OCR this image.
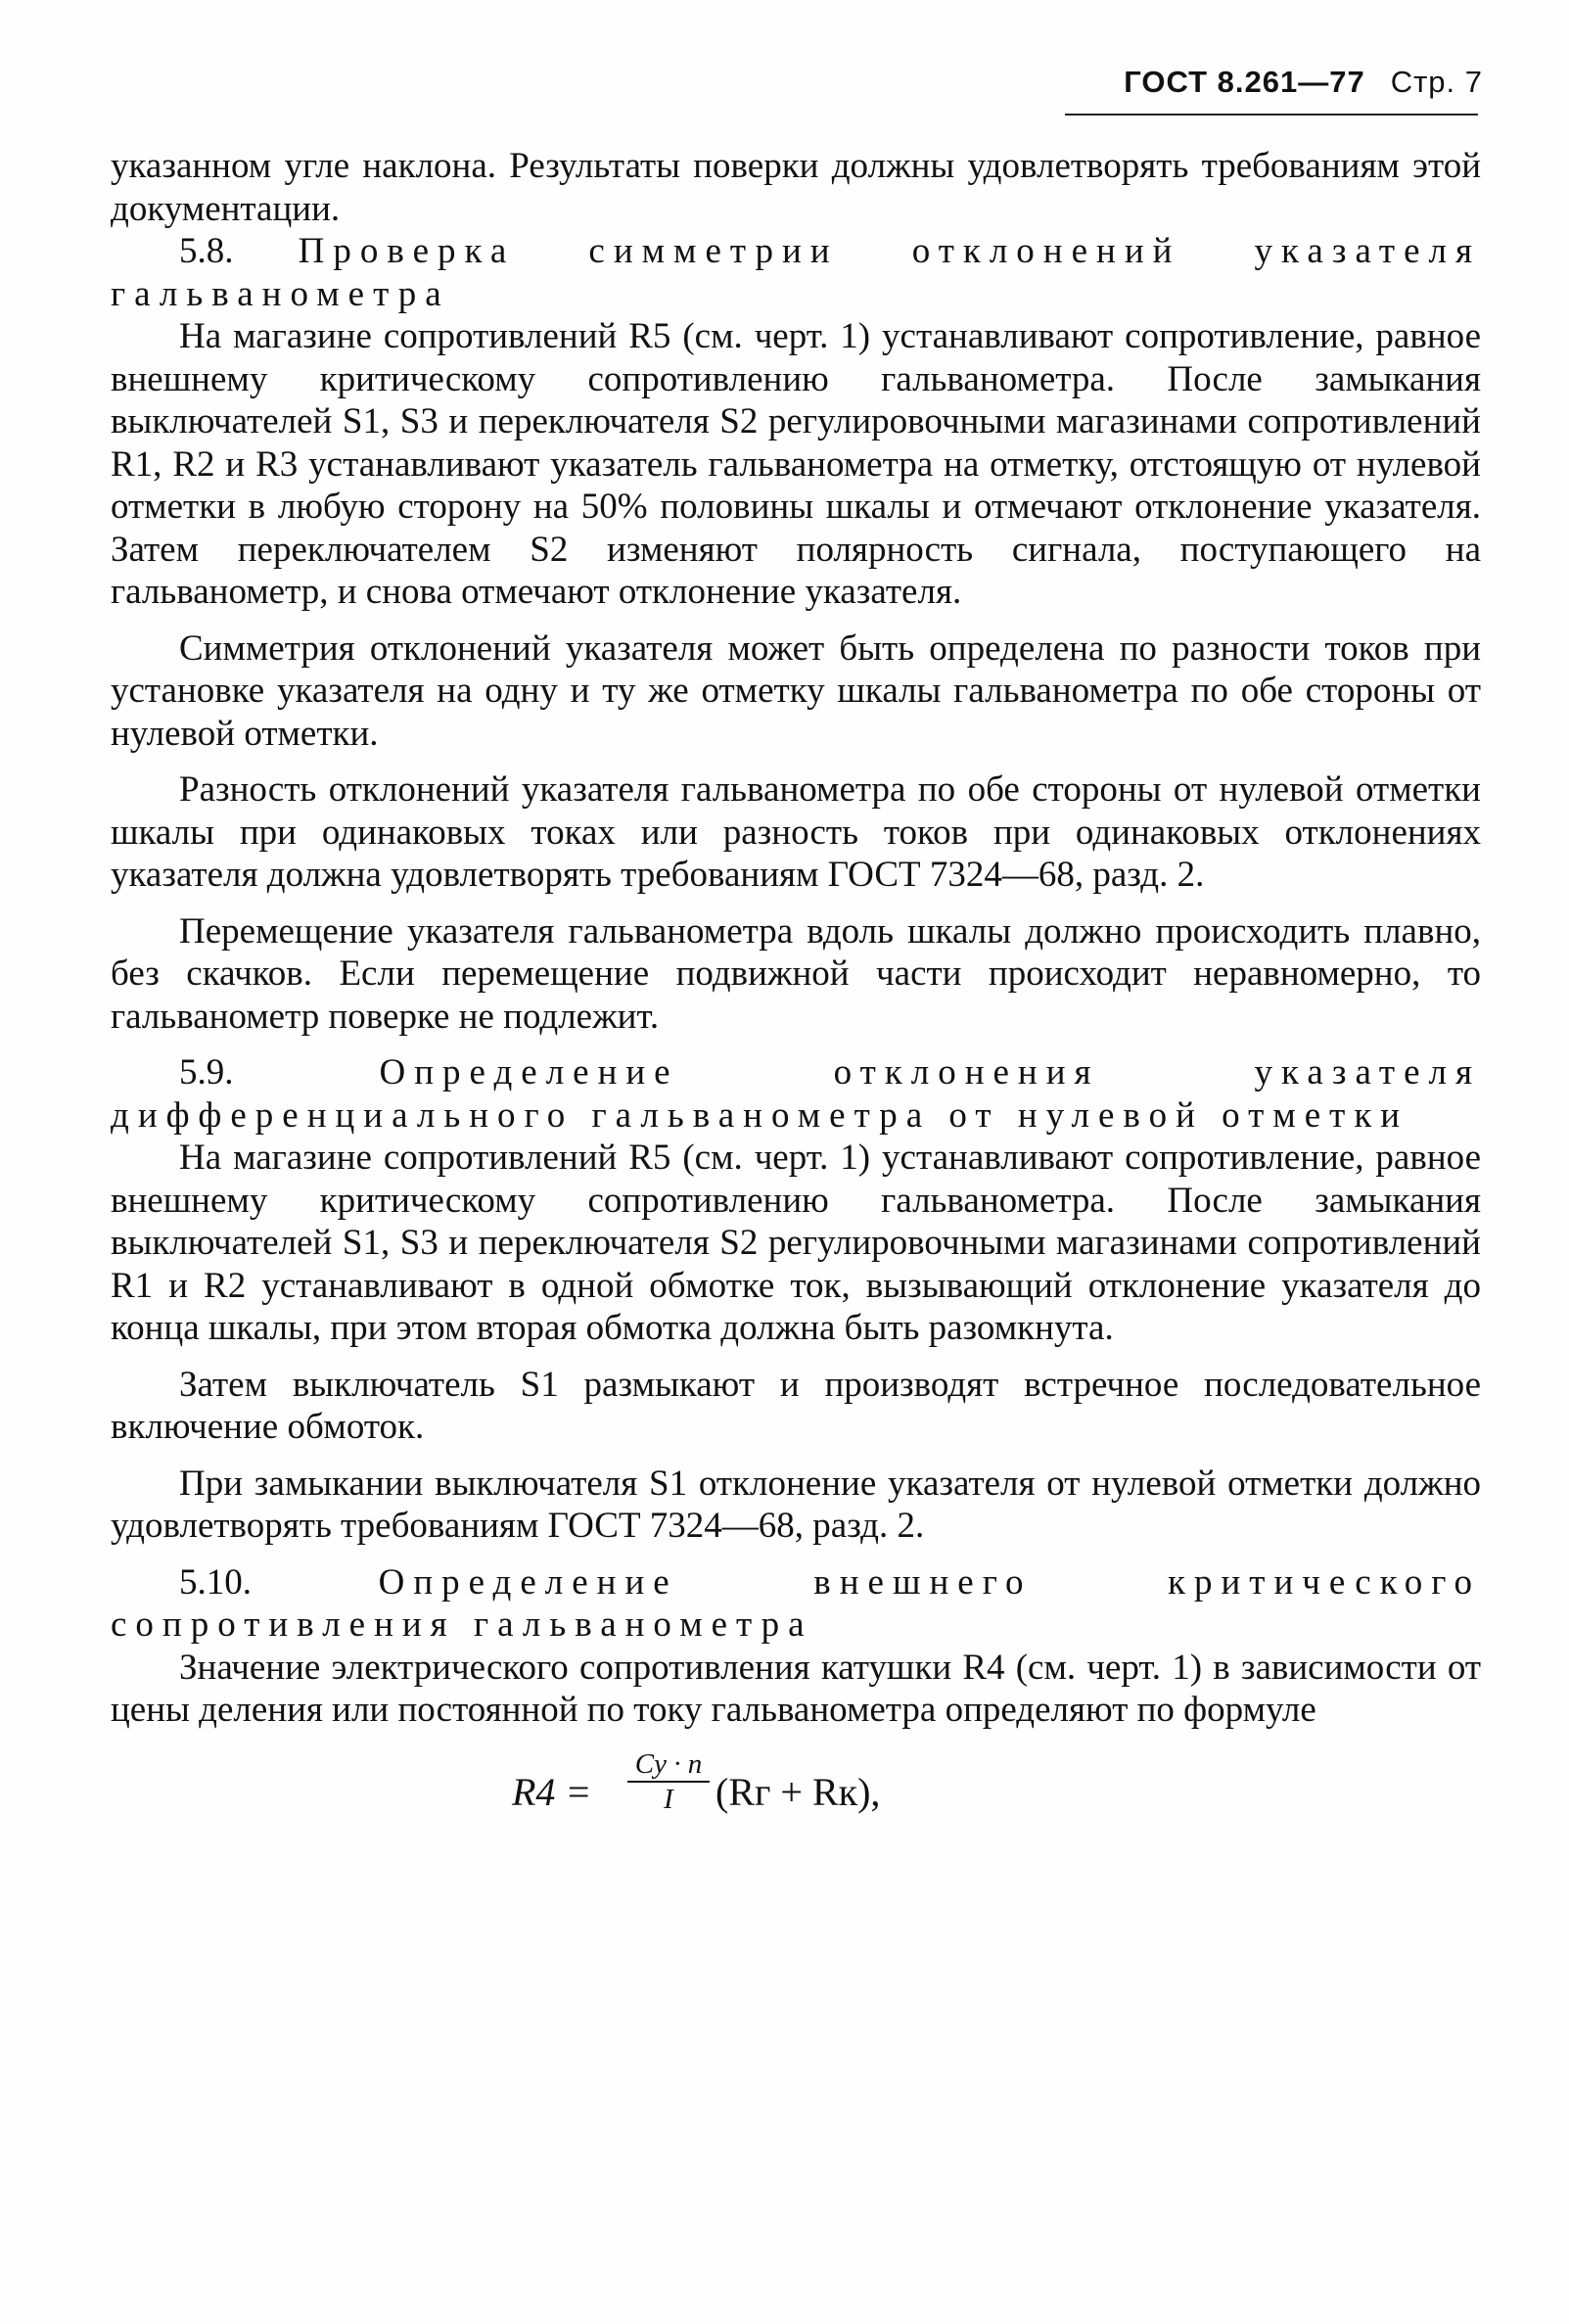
ГОСТ 8.261—77 Стр. 7

указанном угле наклона. Результаты поверки должны удовлетворять требованиям этой документации.

5.8. Проверка симметрии отклонений указателя гальванометра

На магазине сопротивлений R5 (см. черт. 1) устанавливают сопротивление, равное внешнему критическому сопротивлению гальванометра. После замыкания выключателей S1, S3 и переключателя S2 регулировочными магазинами сопротивлений R1, R2 и R3 устанавливают указатель гальванометра на отметку, отстоящую от нулевой отметки в любую сторону на 50% половины шкалы и отмечают отклонение указателя. Затем переключателем S2 изменяют полярность сигнала, поступающего на гальванометр, и снова отмечают отклонение указателя.

Симметрия отклонений указателя может быть определена по разности токов при установке указателя на одну и ту же отметку шкалы гальванометра по обе стороны от нулевой отметки.

Разность отклонений указателя гальванометра по обе стороны от нулевой отметки шкалы при одинаковых токах или разность токов при одинаковых отклонениях указателя должна удовлетворять требованиям ГОСТ 7324—68, разд. 2.

Перемещение указателя гальванометра вдоль шкалы должно происходить плавно, без скачков. Если перемещение подвижной части происходит неравномерно, то гальванометр поверке не подлежит.

5.9.	Определение отклонения указателя дифференциального гальванометра от нулевой отметки

На магазине сопротивлений R5 (см. черт. 1) устанавливают сопротивление, равное внешнему критическому сопротивлению гальванометра. После замыкания выключателей S1, S3 и переключателя S2 регулировочными магазинами сопротивлений R1 и R2 устанавливают в одной обмотке ток, вызывающий отклонение указателя до конца шкалы, при этом вторая обмотка должна быть разомкнута.

Затем выключатель S1 размыкают и производят встречное последовательное включение обмоток.

При замыкании выключателя S1 отклонение указателя от нулевой отметки должно удовлетворять требованиям ГОСТ 7324—68, разд. 2.

5.10.	Определение внешнего критического сопротивления гальванометра

Значение электрического сопротивления катушки R4 (см. черт. 1) в зависимости от цены деления или постоянной по току гальванометра определяют по формуле

$R4 = \frac{Cy \cdot n}{I} (Rг + Rк)$,
